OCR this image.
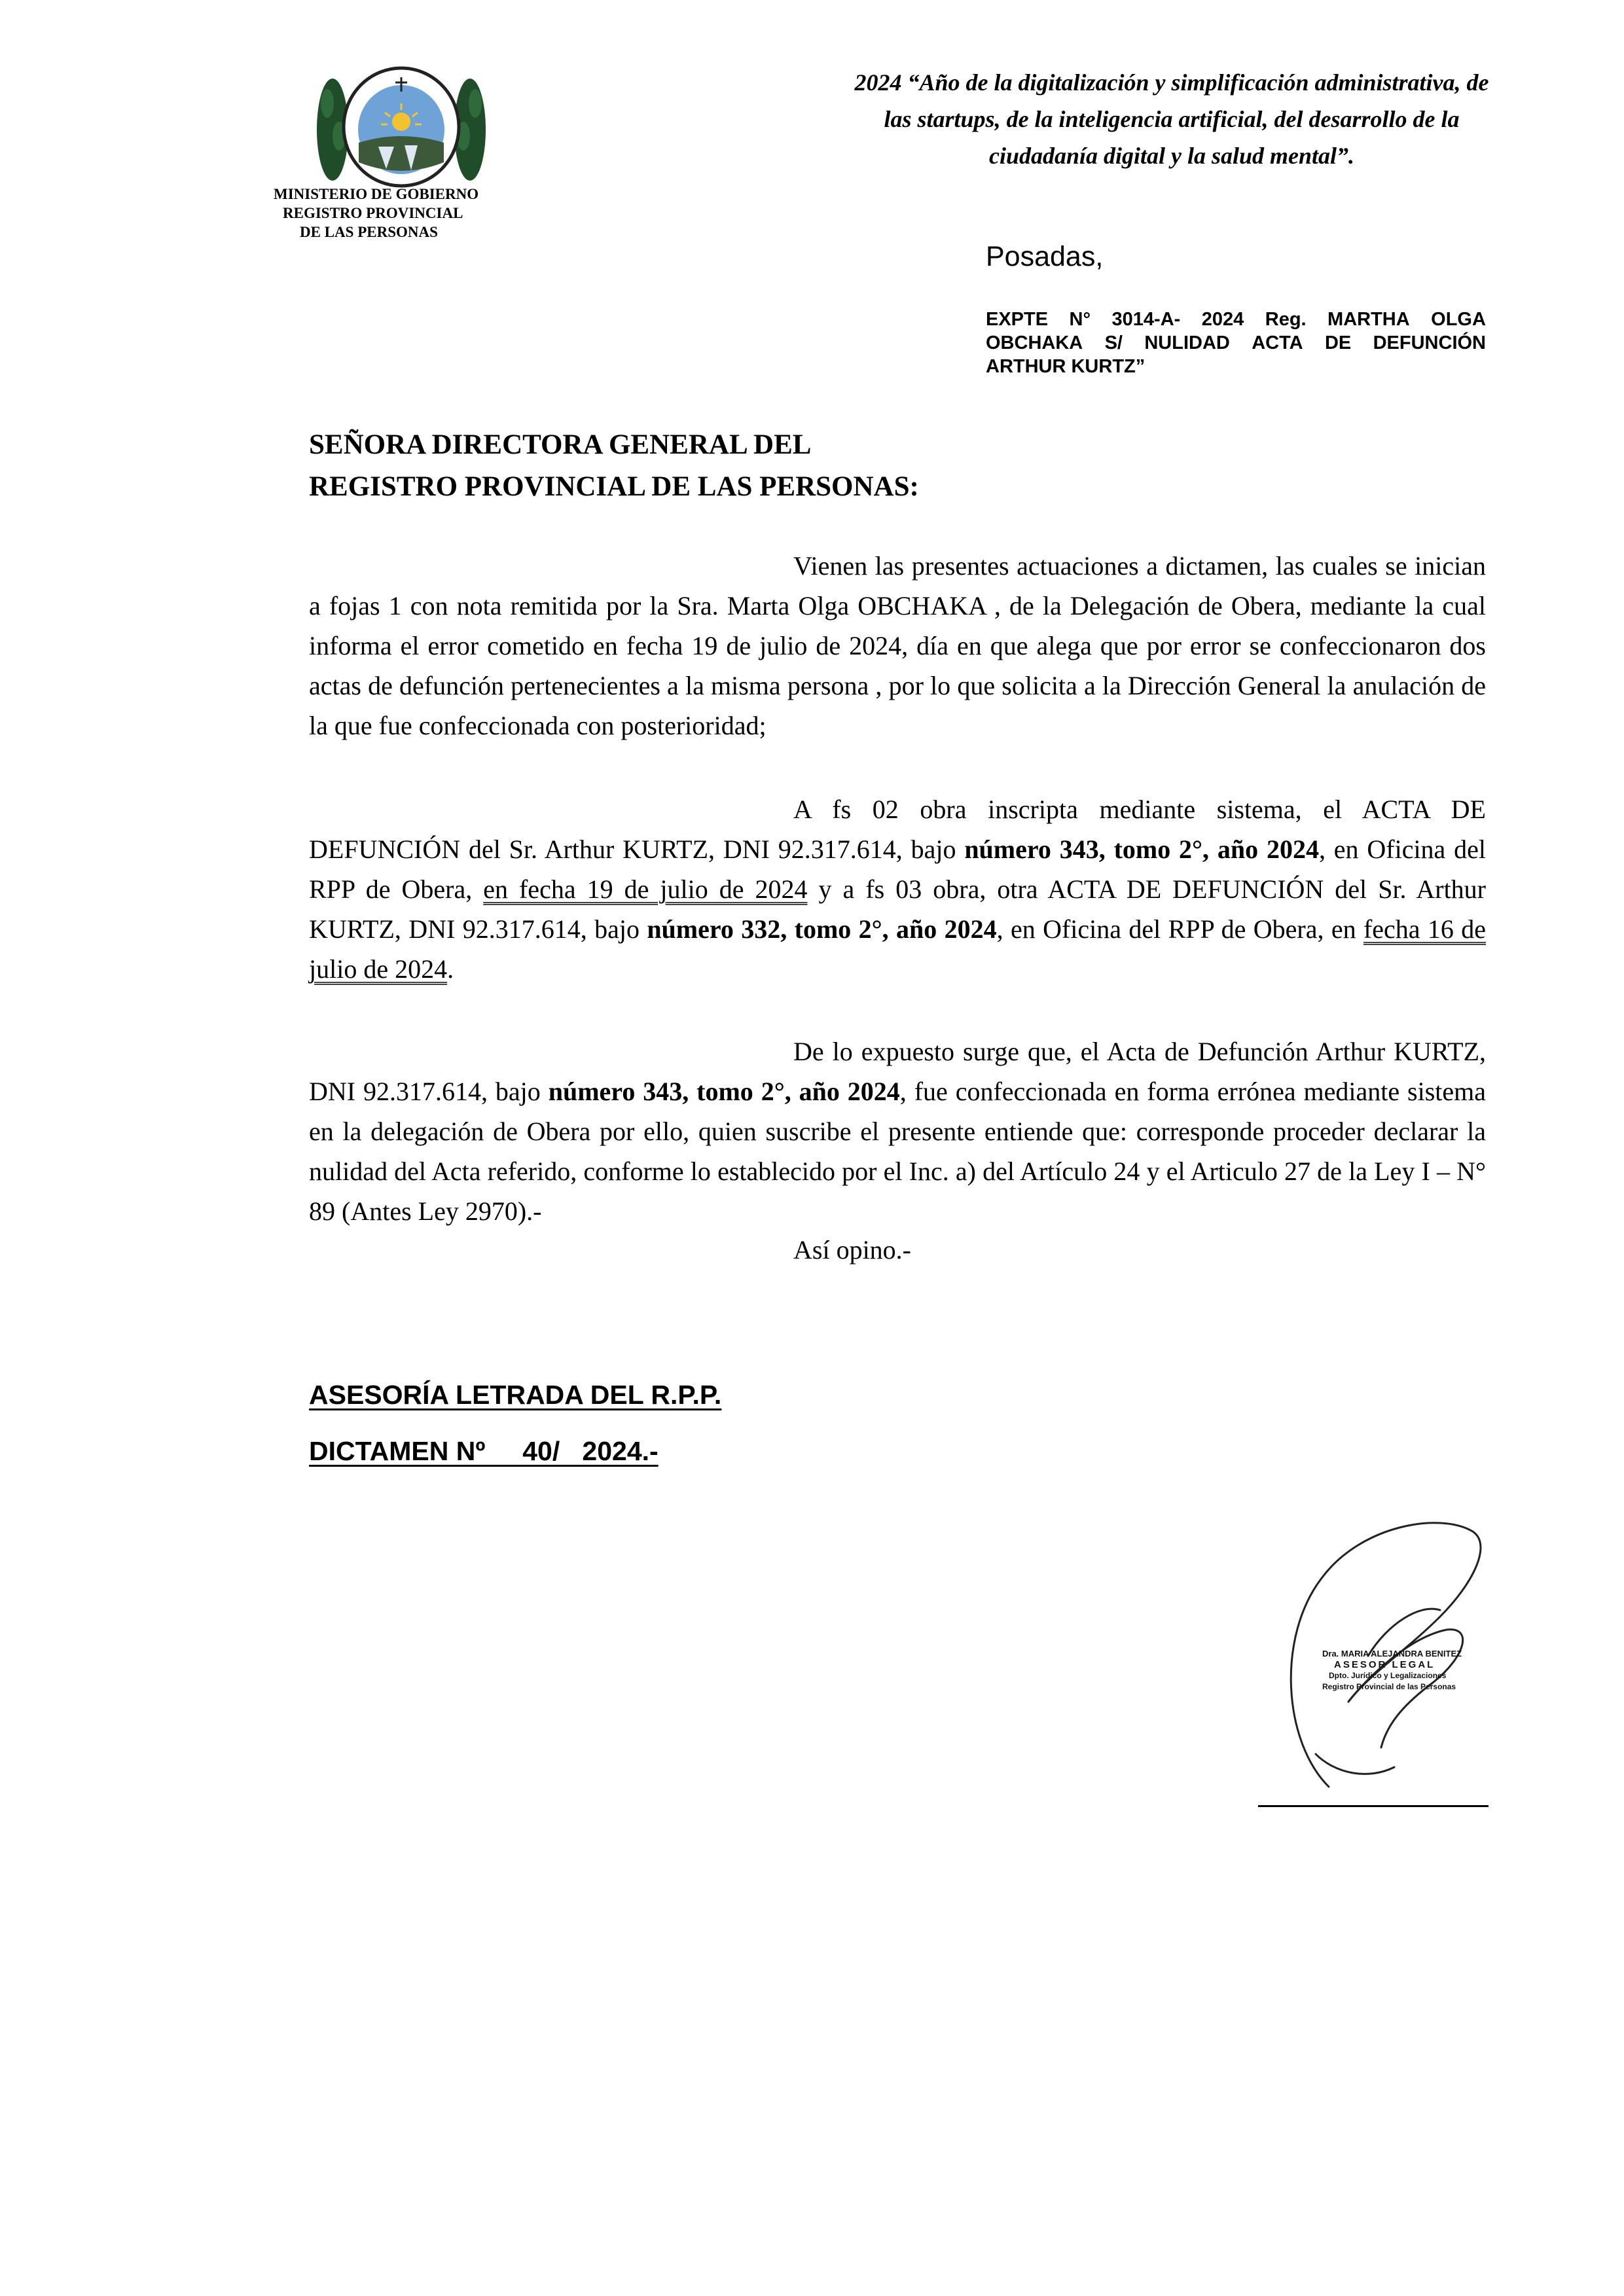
MINISTERIO DE GOBIERNO
REGISTRO PROVINCIAL
DE LAS PERSONAS
2024 “Año de la digitalización y simplificación administrativa, de
las startups, de la inteligencia artificial, del desarrollo de la
ciudadanía digital y la salud mental”.
Posadas,
EXPTE N° 3014-A- 2024 Reg. MARTHA OLGA
OBCHAKA S/ NULIDAD ACTA DE DEFUNCIÓN
ARTHUR KURTZ”
SEÑORA DIRECTORA GENERAL DEL
REGISTRO PROVINCIAL DE LAS PERSONAS:
Vienen las presentes actuaciones a dictamen, las cuales se inician a fojas 1 con nota remitida por la Sra. Marta Olga OBCHAKA , de la Delegación de Obera, mediante la cual informa el error cometido en fecha 19 de julio de 2024, día en que alega que por error se confeccionaron dos actas de defunción pertenecientes a la misma persona , por lo que solicita a la Dirección General la anulación de la que fue confeccionada con posterioridad;
A fs 02 obra inscripta mediante sistema, el ACTA DE DEFUNCIÓN del Sr. Arthur KURTZ, DNI 92.317.614, bajo número 343, tomo 2°, año 2024, en Oficina del RPP de Obera, en fecha 19 de julio de 2024 y a fs 03 obra, otra ACTA DE DEFUNCIÓN del Sr. Arthur KURTZ, DNI 92.317.614, bajo número 332, tomo 2°, año 2024, en Oficina del RPP de Obera, en fecha 16 de julio de 2024.
De lo expuesto surge que, el Acta de Defunción Arthur KURTZ, DNI 92.317.614, bajo número 343, tomo 2°, año 2024, fue confeccionada en forma errónea mediante sistema en la delegación de Obera por ello, quien suscribe el presente entiende que: corresponde proceder declarar la nulidad del Acta referido, conforme lo establecido por el Inc. a) del Artículo 24 y el Articulo 27 de la Ley I – N° 89 (Antes Ley 2970).-
Así opino.-
ASESORÍA LETRADA DEL R.P.P.
DICTAMEN Nº     40/   2024.-
Dra. MARIA ALEJANDRA BENITEZ
ASESOR LEGAL
Dpto. Jurídico y Legalizaciones
Registro Provincial de las Personas
